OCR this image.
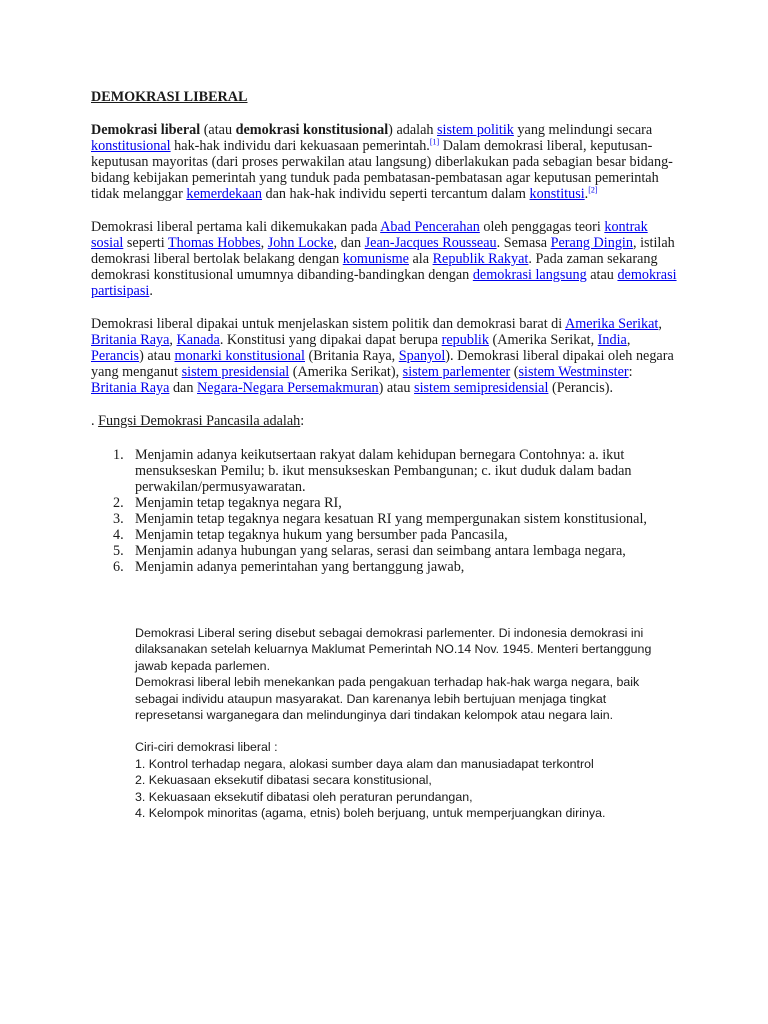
DEMOKRASI LIBERAL

Demokrasi liberal (atau demokrasi konstitusional) adalah sistem politik yang melindungi secara konstitusional hak-hak individu dari kekuasaan pemerintah.[1] Dalam demokrasi liberal, keputusan-keputusan mayoritas (dari proses perwakilan atau langsung) diberlakukan pada sebagian besar bidang-bidang kebijakan pemerintah yang tunduk pada pembatasan-pembatasan agar keputusan pemerintah tidak melanggar kemerdekaan dan hak-hak individu seperti tercantum dalam konstitusi.[2]

Demokrasi liberal pertama kali dikemukakan pada Abad Pencerahan oleh penggagas teori kontrak sosial seperti Thomas Hobbes, John Locke, dan Jean-Jacques Rousseau. Semasa Perang Dingin, istilah demokrasi liberal bertolak belakang dengan komunisme ala Republik Rakyat. Pada zaman sekarang demokrasi konstitusional umumnya dibanding-bandingkan dengan demokrasi langsung atau demokrasi partisipasi.

Demokrasi liberal dipakai untuk menjelaskan sistem politik dan demokrasi barat di Amerika Serikat, Britania Raya, Kanada. Konstitusi yang dipakai dapat berupa republik (Amerika Serikat, India, Perancis) atau monarki konstitusional (Britania Raya, Spanyol). Demokrasi liberal dipakai oleh negara yang menganut sistem presidensial (Amerika Serikat), sistem parlementer (sistem Westminster: Britania Raya dan Negara-Negara Persemakmuran) atau sistem semipresidensial (Perancis).

. Fungsi Demokrasi Pancasila adalah:

1. Menjamin adanya keikutsertaan rakyat dalam kehidupan bernegara Contohnya: a. ikut mensukseskan Pemilu; b. ikut mensukseskan Pembangunan; c. ikut duduk dalam badan perwakilan/permusyawaratan.
2. Menjamin tetap tegaknya negara RI,
3. Menjamin tetap tegaknya negara kesatuan RI yang mempergunakan sistem konstitusional,
4. Menjamin tetap tegaknya hukum yang bersumber pada Pancasila,
5. Menjamin adanya hubungan yang selaras, serasi dan seimbang antara lembaga negara,
6. Menjamin adanya pemerintahan yang bertanggung jawab,

Demokrasi Liberal sering disebut sebagai demokrasi parlementer. Di indonesia demokrasi ini dilaksanakan setelah keluarnya Maklumat Pemerintah NO.14 Nov. 1945. Menteri bertanggung jawab kepada parlemen.

Demokrasi liberal lebih menekankan pada pengakuan terhadap hak-hak warga negara, baik sebagai individu ataupun masyarakat. Dan karenanya lebih bertujuan menjaga tingkat represetansi warganegara dan melindunginya dari tindakan kelompok atau negara lain.

Ciri-ciri demokrasi liberal :

1. Kontrol terhadap negara, alokasi sumber daya alam dan manusiadapat terkontrol

2. Kekuasaan eksekutif dibatasi secara konstitusional,

3. Kekuasaan eksekutif dibatasi oleh peraturan perundangan,

4. Kelompok minoritas (agama, etnis) boleh berjuang, untuk memperjuangkan dirinya.
